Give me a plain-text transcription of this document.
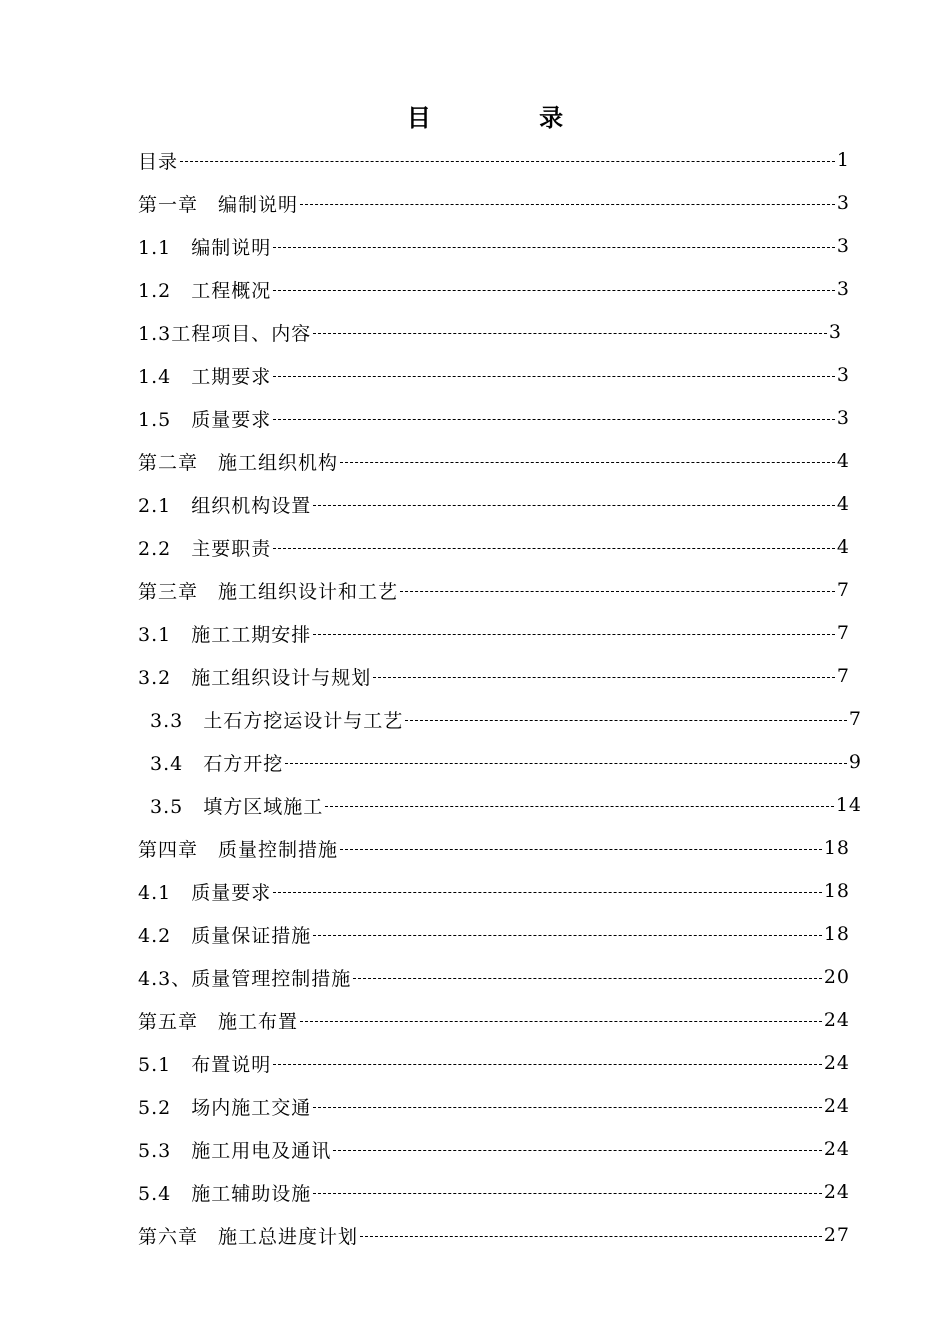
目 录
目录	1
第一章　编制说明	3
1.1　编制说明	3
1.2　工程概况	3
1.3工程项目、内容	3
1.4　工期要求	3
1.5　质量要求	3
第二章　施工组织机构	4
2.1　组织机构设置	4
2.2　主要职责	4
第三章　施工组织设计和工艺	7
3.1　施工工期安排	7
3.2　施工组织设计与规划	7
3.3　土石方挖运设计与工艺	7
3.4　石方开挖	9
3.5　填方区域施工	14
第四章　质量控制措施	18
4.1　质量要求	18
4.2　质量保证措施	18
4.3、质量管理控制措施	20
第五章　施工布置	24
5.1　布置说明	24
5.2　场内施工交通	24
5.3　施工用电及通讯	24
5.4　施工辅助设施	24
第六章　施工总进度计划	27
